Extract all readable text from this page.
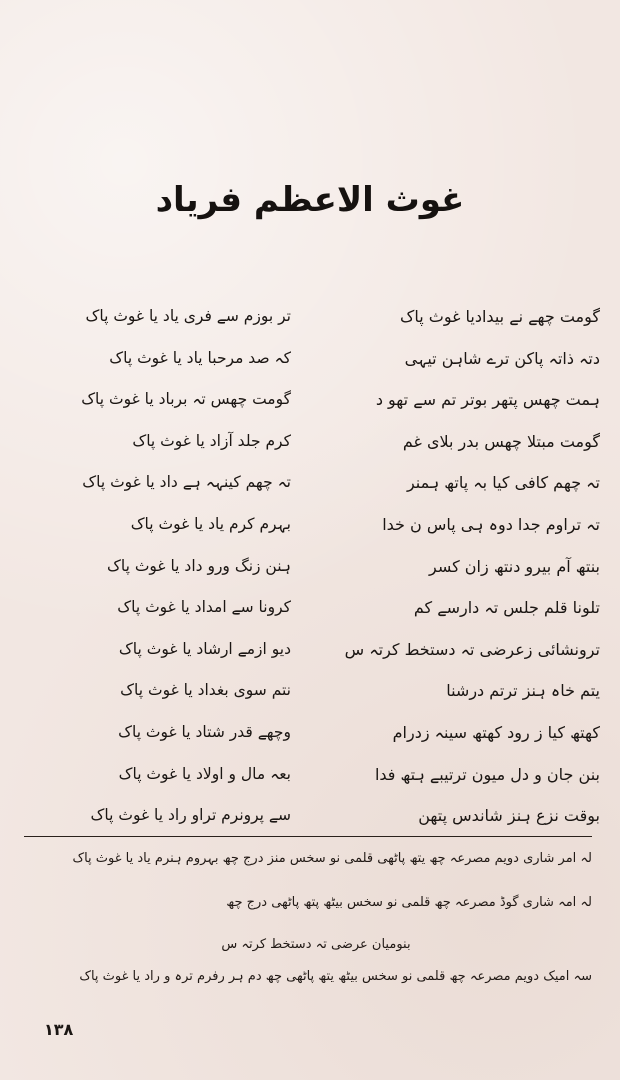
غوث الاعظم فریاد
گومت چھے نے بیدادیا غوث پاک
دتہ ذاتہ پاکن ترے شاہن تیہی
ہمت چھس پتھر بوتر تم سے تھو د
گومت مبتلا چھس بدر بلای غم
تہ چھم کافی کیا بہ پاتھ ہمنر
تہ تراوم جدا دوہ ہی پاس ن خدا
بنتھ آم بیرو دنتھ زان کسر
تلونا قلم جلس تہ دارسے کم
ترونشائی زعرضی تہ دستخط کرتہ س
یتم خاہ ہنز ترتم درشنا
کھتھ کیا ز رود کھتھ سینہ زدرام
بنن جان و دل میون ترتیبے ہتھ فدا
بوقت نزع ہنز شاندس پتھن
تر بوزم سے فری یاد یا غوث پاک
کہ صد مرحبا یاد یا غوث پاک
گومت چھس تہ برباد یا غوث پاک
کرم جلد آزاد یا غوث پاک
تہ چھم کینہہ ہے داد یا غوث پاک
بہرم کرم یاد یا غوث پاک
ہنن زنگ ورو داد یا غوث پاک
کرونا سے امداد یا غوث پاک
دیو ازمے ارشاد یا غوث پاک
نتم سوی بغداد یا غوث پاک
وچھے قدر شتاد یا غوث پاک
بعہ مال و اولاد یا غوث پاک
سے پرونرم تراو راد یا غوث پاک
لہ امر شاری دویم مصرعہ چھ یتھ پاٹھی قلمی نو سخس منز درج چھ بہروم ہنرم یاد یا غوث پاک
لہ امہ شاری گوڈ مصرعہ چھ قلمی نو سخس بیٹھ پتھ پاٹھی درج چھ
بنومیان عرضی تہ دستخط کرتہ س
سہ امیک دویم مصرعہ چھ قلمی نو سخس بیٹھ یتھ پاٹھی چھ دم ہر رفرم ترہ و راد یا غوث پاک
۱۳۸
